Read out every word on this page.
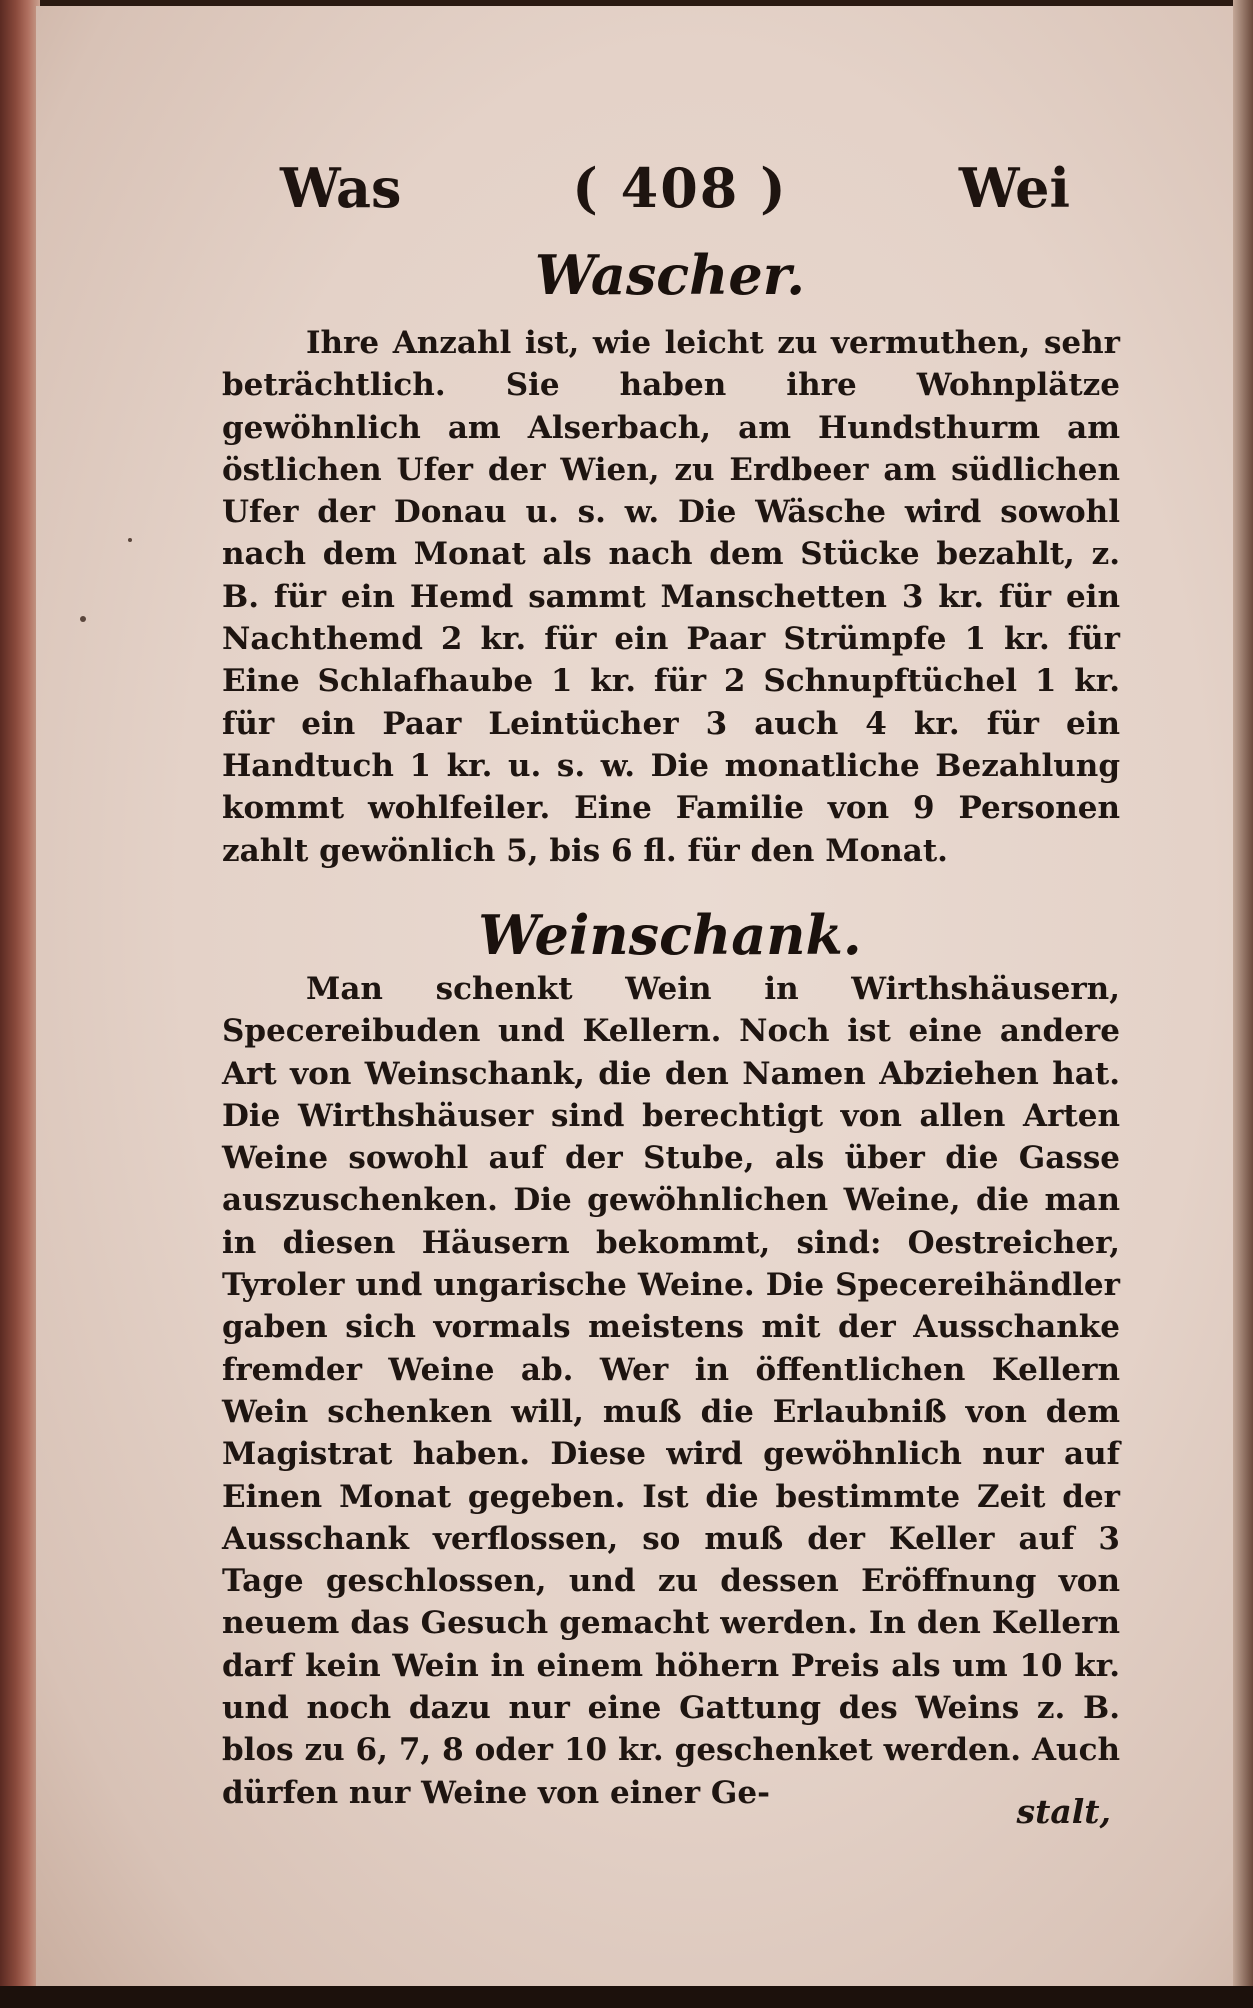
Was	( 408 )	Wei
Wascher.

Ihre Anzahl ist, wie leicht zu vermuthen, sehr beträchtlich. Sie haben ihre Wohnplätze gewöhnlich am Alserbach, am Hundsthurm am östlichen Ufer der Wien, zu Erdbeer am südlichen Ufer der Donau u. s. w. Die Wäsche wird sowohl nach dem Monat als nach dem Stücke bezahlt, z. B. für ein Hemd sammt Manschetten 3 kr. für ein Nachthemd 2 kr. für ein Paar Strümpfe 1 kr. für Eine Schlafhaube 1 kr. für 2 Schnupftüchel 1 kr. für ein Paar Leintücher 3 auch 4 kr. für ein Handtuch 1 kr. u. s. w. Die monatliche Bezahlung kommt wohlfeiler. Eine Familie von 9 Personen zahlt gewönlich 5, bis 6 fl. für den Monat.

Weinschank.

Man schenkt Wein in Wirthshäusern, Specereibuden und Kellern. Noch ist eine andere Art von Weinschank, die den Namen Abziehen hat. Die Wirthshäuser sind berechtigt von allen Arten Weine sowohl auf der Stube, als über die Gasse auszuschenken. Die gewöhnlichen Weine, die man in diesen Häusern bekommt, sind: Oestreicher, Tyroler und ungarische Weine. Die Specereihändler gaben sich vormals meistens mit der Ausschanke fremder Weine ab. Wer in öffentlichen Kellern Wein schenken will, muß die Erlaubniß von dem Magistrat haben. Diese wird gewöhnlich nur auf Einen Monat gegeben. Ist die bestimmte Zeit der Ausschank verflossen, so muß der Keller auf 3 Tage geschlossen, und zu dessen Eröffnung von neuem das Gesuch gemacht werden. In den Kellern darf kein Wein in einem höhern Preis als um 10 kr. und noch dazu nur eine Gattung des Weins z. B. blos zu 6, 7, 8 oder 10 kr. geschenket werden. Auch dürfen nur Weine von einer Ge-	stalt,
